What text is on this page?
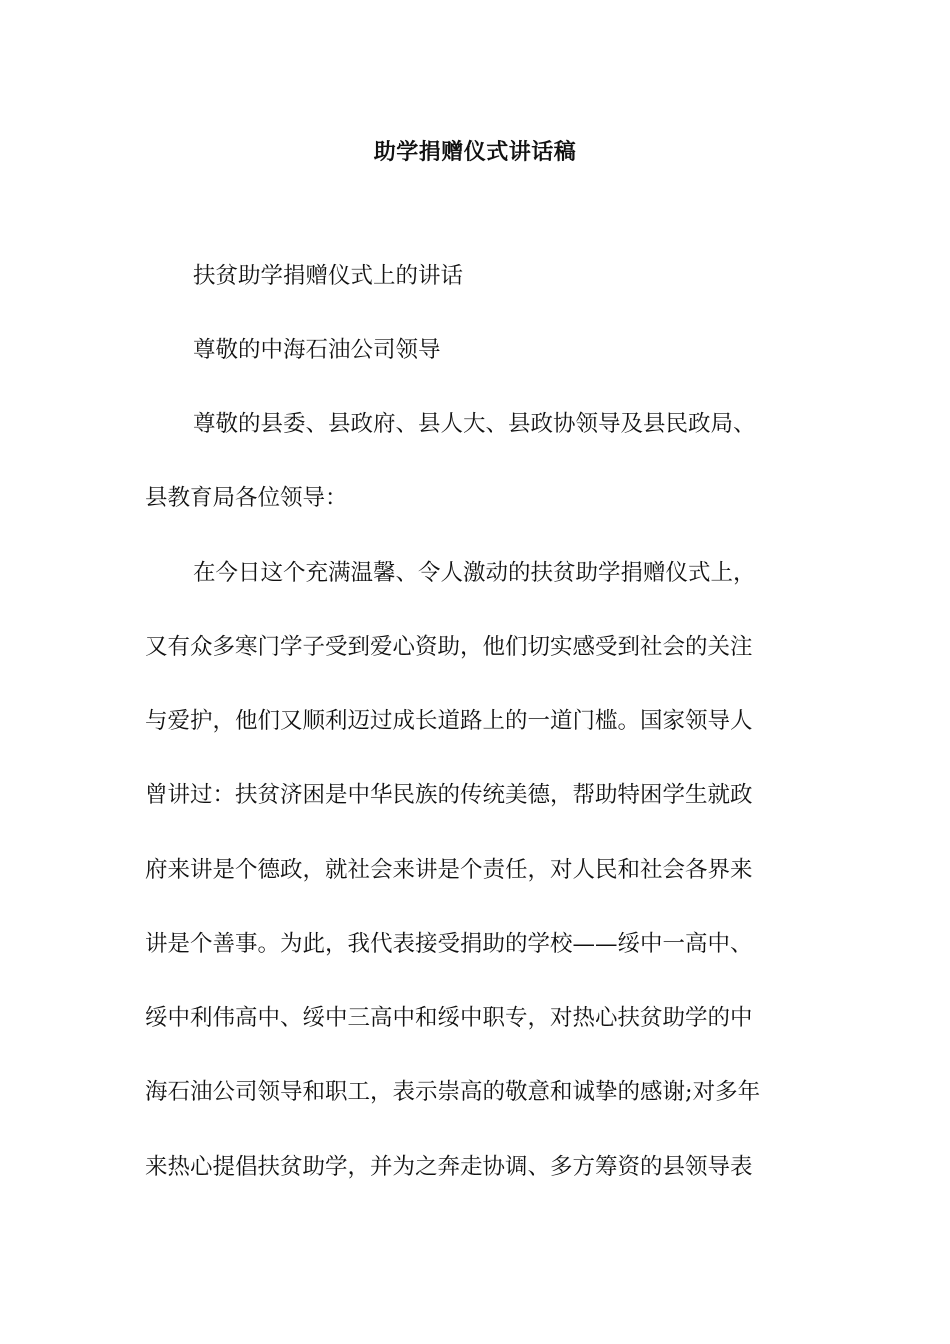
助学捐赠仪式讲话稿
扶贫助学捐赠仪式上的讲话
尊敬的中海石油公司领导
尊敬的县委、县政府、县人大、县政协领导及县民政局、
县教育局各位领导：
在今日这个充满温馨、令人激动的扶贫助学捐赠仪式上，
又有众多寒门学子受到爱心资助，他们切实感受到社会的关注
与爱护，他们又顺利迈过成长道路上的一道门槛。国家领导人
曾讲过：扶贫济困是中华民族的传统美德，帮助特困学生就政
府来讲是个德政，就社会来讲是个责任，对人民和社会各界来
讲是个善事。为此，我代表接受捐助的学校——绥中一高中、
绥中利伟高中、绥中三高中和绥中职专，对热心扶贫助学的中
海石油公司领导和职工，表示崇高的敬意和诚挚的感谢;对多年
来热心提倡扶贫助学，并为之奔走协调、多方筹资的县领导表
